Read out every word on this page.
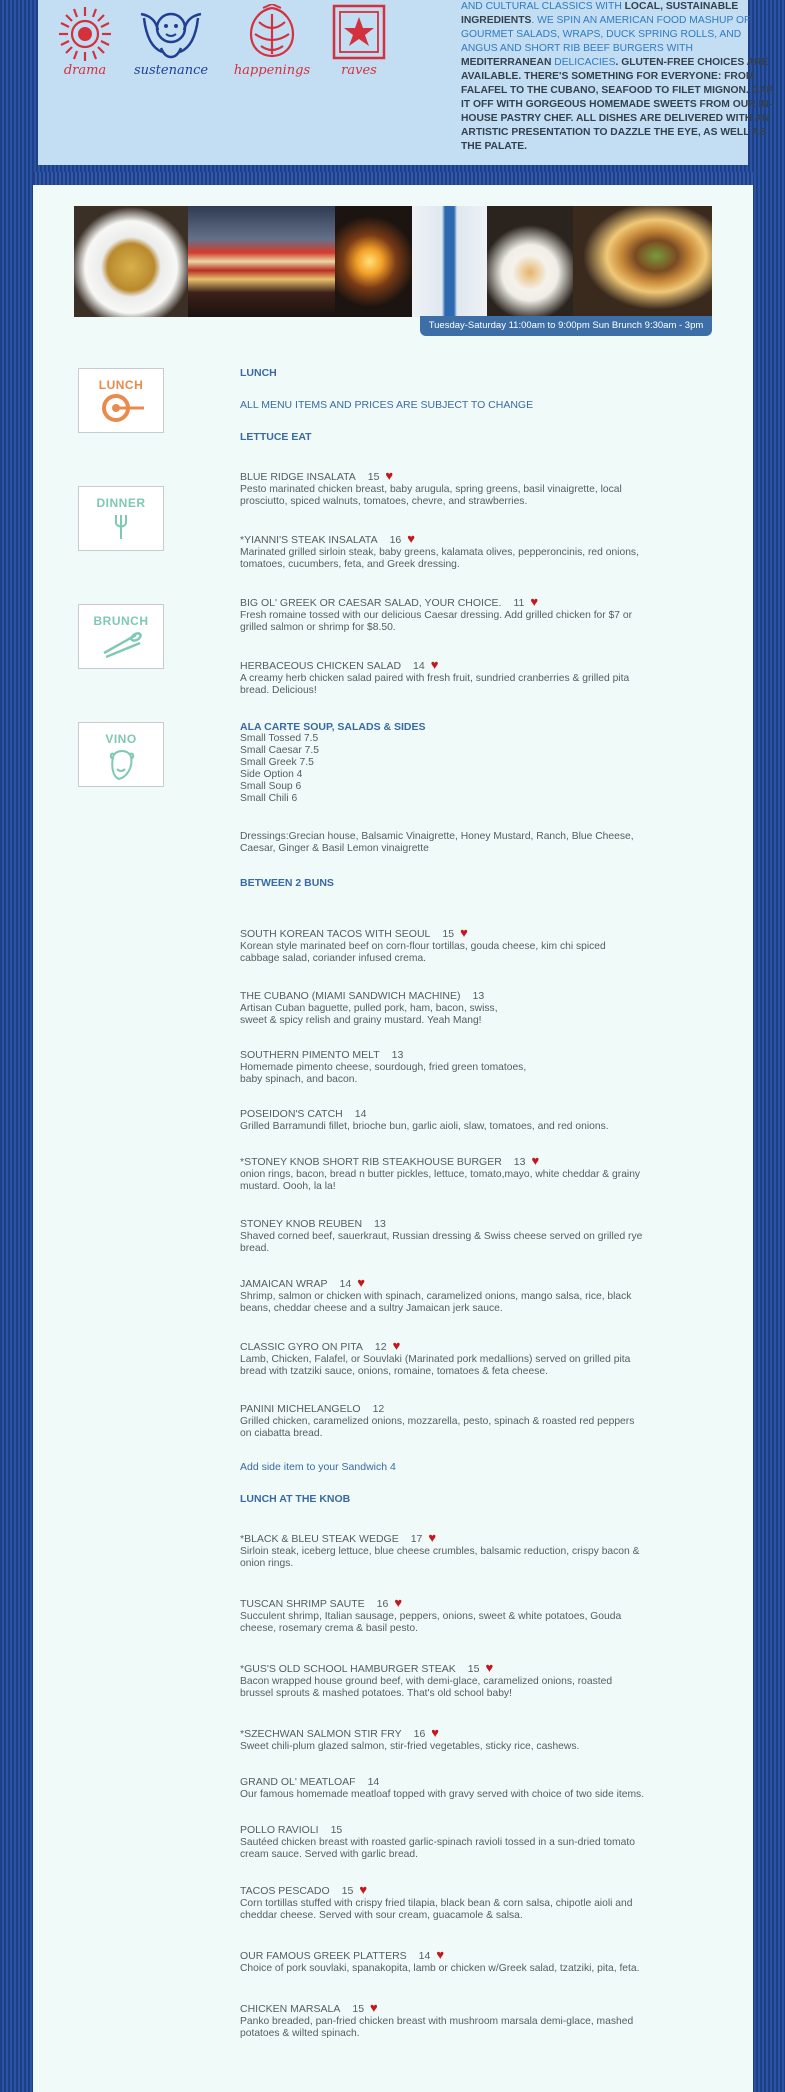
drama	sustenance	happenings	raves
AND CULTURAL CLASSICS WITH LOCAL, SUSTAINABLE INGREDIENTS. WE SPIN AN AMERICAN FOOD MASHUP OF GOURMET SALADS, WRAPS, DUCK SPRING ROLLS, AND ANGUS AND SHORT RIB BEEF BURGERS WITH MEDITERRANEAN DELICACIES. GLUTEN-FREE CHOICES ARE AVAILABLE. THERE'S SOMETHING FOR EVERYONE: FROM FALAFEL TO THE CUBANO, SEAFOOD TO FILET MIGNON. CAP IT OFF WITH GORGEOUS HOMEMADE SWEETS FROM OUR IN-HOUSE PASTRY CHEF. ALL DISHES ARE DELIVERED WITH AN ARTISTIC PRESENTATION TO DAZZLE THE EYE, AS WELL AS THE PALATE.
Tuesday-Saturday 11:00am to 9:00pm Sun Brunch 9:30am - 3pm
LUNCH
DINNER
BRUNCH
VINO
LUNCH
ALL MENU ITEMS AND PRICES ARE SUBJECT TO CHANGE
LETTUCE EAT
BLUE RIDGE INSALATA 15 ♥
Pesto marinated chicken breast, baby arugula, spring greens, basil vinaigrette, local prosciutto, spiced walnuts, tomatoes, chevre, and strawberries.
*YIANNI'S STEAK INSALATA 16 ♥
Marinated grilled sirloin steak, baby greens, kalamata olives, pepperoncinis, red onions, tomatoes, cucumbers, feta, and Greek dressing.
BIG OL' GREEK OR CAESAR SALAD, YOUR CHOICE. 11 ♥
Fresh romaine tossed with our delicious Caesar dressing. Add grilled chicken for $7 or grilled salmon or shrimp for $8.50.
HERBACEOUS CHICKEN SALAD 14 ♥
A creamy herb chicken salad paired with fresh fruit, sundried cranberries & grilled pita bread. Delicious!
ALA CARTE SOUP, SALADS & SIDES
Small Tossed 7.5
Small Caesar 7.5
Small Greek 7.5
Side Option 4
Small Soup 6
Small Chili 6
Dressings:Grecian house, Balsamic Vinaigrette, Honey Mustard, Ranch, Blue Cheese, Caesar, Ginger & Basil Lemon vinaigrette
BETWEEN 2 BUNS
SOUTH KOREAN TACOS WITH SEOUL 15 ♥
Korean style marinated beef on corn-flour tortillas, gouda cheese, kim chi spiced cabbage salad, coriander infused crema.
THE CUBANO (MIAMI SANDWICH MACHINE) 13
Artisan Cuban baguette, pulled pork, ham, bacon, swiss,
sweet & spicy relish and grainy mustard. Yeah Mang!
SOUTHERN PIMENTO MELT 13
Homemade pimento cheese, sourdough, fried green tomatoes,
baby spinach, and bacon.
POSEIDON'S CATCH 14
Grilled Barramundi fillet, brioche bun, garlic aioli, slaw, tomatoes, and red onions.
*STONEY KNOB SHORT RIB STEAKHOUSE BURGER 13 ♥
onion rings, bacon, bread n butter pickles, lettuce, tomato,mayo, white cheddar & grainy mustard. Oooh, la la!
STONEY KNOB REUBEN 13
Shaved corned beef, sauerkraut, Russian dressing & Swiss cheese served on grilled rye bread.
JAMAICAN WRAP 14 ♥
Shrimp, salmon or chicken with spinach, caramelized onions, mango salsa, rice, black beans, cheddar cheese and a sultry Jamaican jerk sauce.
CLASSIC GYRO ON PITA 12 ♥
Lamb, Chicken, Falafel, or Souvlaki (Marinated pork medallions) served on grilled pita bread with tzatziki sauce, onions, romaine, tomatoes & feta cheese.
PANINI MICHELANGELO 12
Grilled chicken, caramelized onions, mozzarella, pesto, spinach & roasted red peppers on ciabatta bread.
Add side item to your Sandwich 4
LUNCH AT THE KNOB
*BLACK & BLEU STEAK WEDGE 17 ♥
Sirloin steak, iceberg lettuce, blue cheese crumbles, balsamic reduction, crispy bacon & onion rings.
TUSCAN SHRIMP SAUTE 16 ♥
Succulent shrimp, Italian sausage, peppers, onions, sweet & white potatoes, Gouda cheese, rosemary crema & basil pesto.
*GUS'S OLD SCHOOL HAMBURGER STEAK 15 ♥
Bacon wrapped house ground beef, with demi-glace, caramelized onions, roasted brussel sprouts & mashed potatoes. That's old school baby!
*SZECHWAN SALMON STIR FRY 16 ♥
Sweet chili-plum glazed salmon, stir-fried vegetables, sticky rice, cashews.
GRAND OL' MEATLOAF 14
Our famous homemade meatloaf topped with gravy served with choice of two side items.
POLLO RAVIOLI 15
Sautéed chicken breast with roasted garlic-spinach ravioli tossed in a sun-dried tomato cream sauce. Served with garlic bread.
TACOS PESCADO 15 ♥
Corn tortillas stuffed with crispy fried tilapia, black bean & corn salsa, chipotle aioli and cheddar cheese. Served with sour cream, guacamole & salsa.
OUR FAMOUS GREEK PLATTERS 14 ♥
Choice of pork souvlaki, spanakopita, lamb or chicken w/Greek salad, tzatziki, pita, feta.
CHICKEN MARSALA 15 ♥
Panko breaded, pan-fried chicken breast with mushroom marsala demi-glace, mashed potatoes & wilted spinach.
